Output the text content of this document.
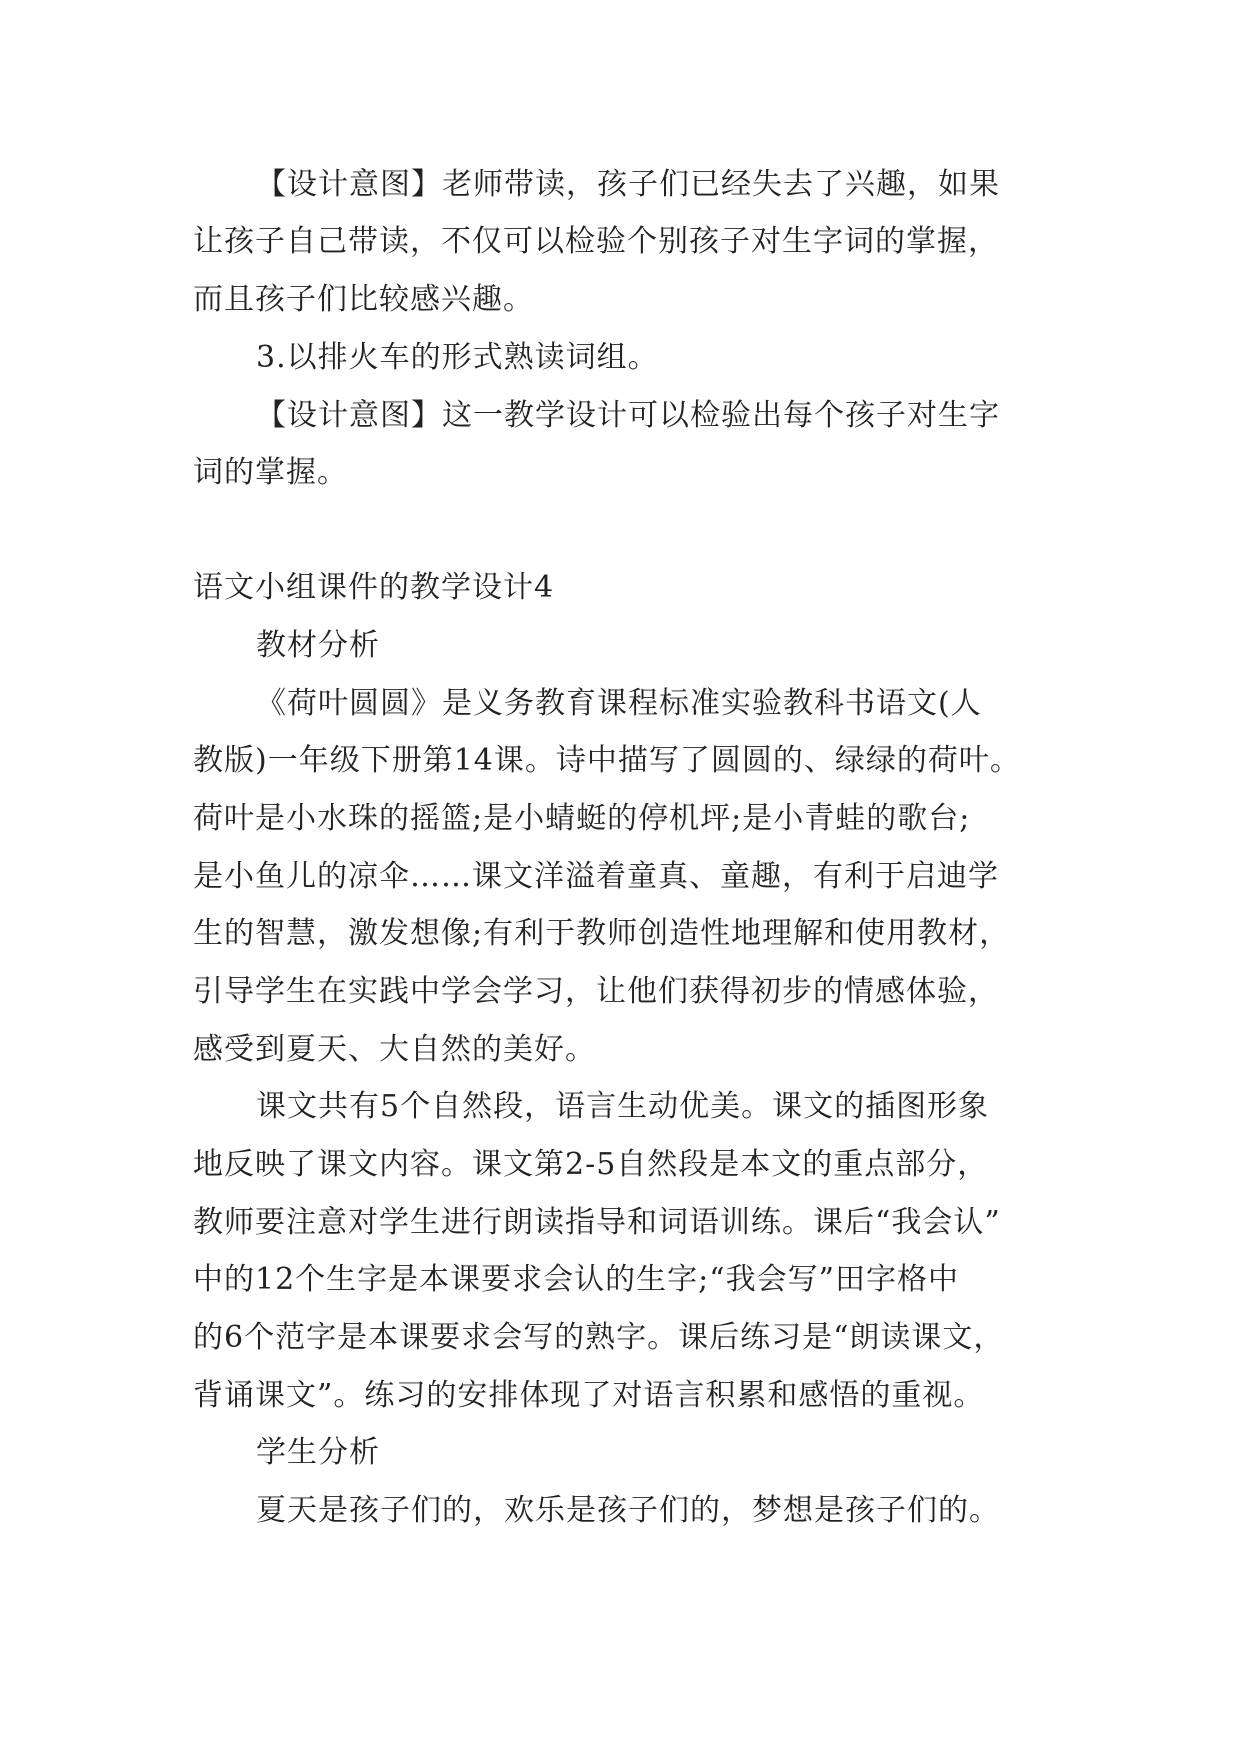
【设计意图】老师带读，孩子们已经失去了兴趣，如果

让孩子自己带读，不仅可以检验个别孩子对生字词的掌握，

而且孩子们比较感兴趣。

3.以排火车的形式熟读词组。

【设计意图】这一教学设计可以检验出每个孩子对生字

词的掌握。

语文小组课件的教学设计4

教材分析

《荷叶圆圆》是义务教育课程标准实验教科书语文(人

教版)一年级下册第14课。诗中描写了圆圆的、绿绿的荷叶。

荷叶是小水珠的摇篮;是小蜻蜓的停机坪;是小青蛙的歌台;

是小鱼儿的凉伞……课文洋溢着童真、童趣，有利于启迪学

生的智慧，激发想像;有利于教师创造性地理解和使用教材，

引导学生在实践中学会学习，让他们获得初步的情感体验，

感受到夏天、大自然的美好。

课文共有5个自然段，语言生动优美。课文的插图形象

地反映了课文内容。课文第2-5自然段是本文的重点部分，

教师要注意对学生进行朗读指导和词语训练。课后“我会认”

中的12个生字是本课要求会认的生字;“我会写”田字格中

的6个范字是本课要求会写的熟字。课后练习是“朗读课文，

背诵课文”。练习的安排体现了对语言积累和感悟的重视。

学生分析

夏天是孩子们的，欢乐是孩子们的，梦想是孩子们的。
